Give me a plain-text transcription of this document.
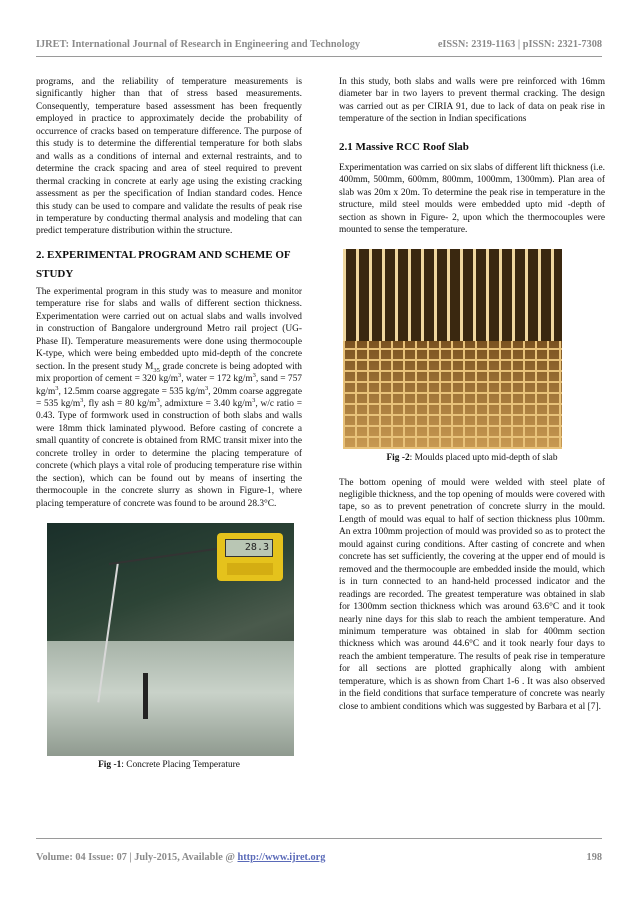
IJRET: International Journal of Research in Engineering and Technology	eISSN: 2319-1163 | pISSN: 2321-7308

programs, and the reliability of temperature measurements is significantly higher than that of stress based measurements. Consequently, temperature based assessment has been frequently employed in practice to approximately decide the probability of occurrence of cracks based on temperature difference. The purpose of this study is to determine the differential temperature for both slabs and walls as a conditions of internal and external restraints, and to determine the crack spacing and area of steel required to prevent thermal cracking in concrete at early age using the existing cracking assessment as per the specification of Indian standard codes. Hence this study can be used to compare and validate the results of peak rise in temperature by conducting thermal analysis and modeling that can predict temperature distribution within the structure.

2. EXPERIMENTAL PROGRAM AND SCHEME OF STUDY

The experimental program in this study was to measure and monitor temperature rise for slabs and walls of different section thickness. Experimentation were carried out on actual slabs and walls involved in construction of Bangalore underground Metro rail project (UG-Phase II). Temperature measurements were done using thermocouple K-type, which were being embedded upto mid-depth of the concrete section. In the present study $M_{35}$ grade concrete is being adopted with mix proportion of cement = 320 $kg/m^3$, water = 172 $kg/m^3$, sand = 757 $kg/m^3$, 12.5mm coarse aggregate = 535 $kg/m^3$, 20mm coarse aggregate = 535 $kg/m^3$, fly ash = 80 $kg/m^3$, admixture = 3.40 $kg/m^3$, w/c ratio = 0.43. Type of formwork used in construction of both slabs and walls were 18mm thick laminated plywood. Before casting of concrete a small quantity of concrete is obtained from RMC transit mixer into the concrete trolley in order to determine the placing temperature of concrete (which plays a vital role of producing temperature rise within the section), which can be found out by means of inserting the thermocouple in the concrete slurry as shown in Figure-1, where placing temperature of concrete was found to be around 28.3°C.

28.3
Fig -1: Concrete Placing Temperature

In this study, both slabs and walls were pre reinforced with 16mm diameter bar in two layers to prevent thermal cracking. The design was carried out as per CIRIA 91, due to lack of data on peak rise in temperature of the section in Indian specifications

2.1 Massive RCC Roof Slab

Experimentation was carried on six slabs of different lift thickness (i.e. 400mm, 500mm, 600mm, 800mm, 1000mm, 1300mm). Plan area of slab was 20m x 20m. To determine the peak rise in temperature in the structure, mild steel moulds were embedded upto mid -depth of section as shown in Figure- 2, upon which the thermocouples were mounted to sense the temperature.

Fig -2: Moulds placed upto mid-depth of slab

The bottom opening of mould were welded with steel plate of negligible thickness, and the top opening of moulds were covered with tape, so as to prevent penetration of concrete slurry in the mould. Length of mould was equal to half of section thickness plus 100mm. An extra 100mm projection of mould was provided so as to protect the mould against curing conditions. After casting of concrete and when concrete has set sufficiently, the covering at the upper end of mould is removed and the thermocouple are embedded inside the mould, which is in turn connected to an hand-held processed indicator and the readings are recorded. The greatest temperature was obtained in slab for 1300mm section thickness which was around 63.6°C and it took nearly nine days for this slab to reach the ambient temperature. And minimum temperature was obtained in slab for 400mm section thickness which was around 44.6°C and it took nearly four days to reach the ambient temperature. The results of peak rise in temperature for all sections are plotted graphically along with ambient temperature, which is as shown from Chart 1-6 . It was also observed in the field conditions that surface temperature of concrete was nearly close to ambient conditions which was suggested by Barbara et al [7].

Volume: 04 Issue: 07 | July-2015, Available @ http://www.ijret.org	198
